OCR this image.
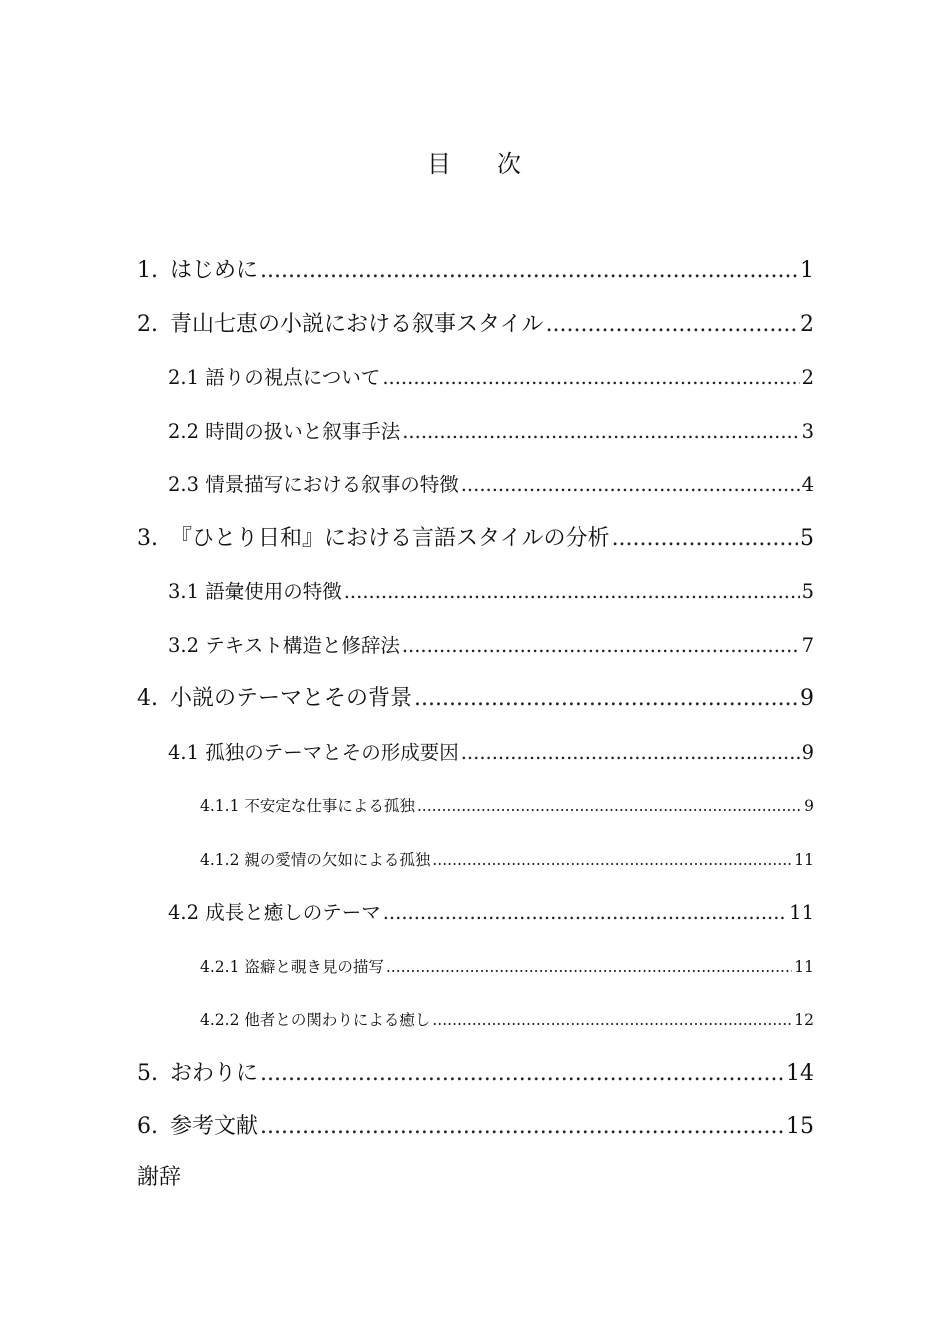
目 次
1. はじめに .....	1
2. 青山七恵の小説における叙事スタイル .....	2
2.1 語りの視点について .....	2
2.2 時間の扱いと叙事手法 .....	3
2.3 情景描写における叙事の特徴 .....	4
3. 『ひとり日和』における言語スタイルの分析 .....	5
3.1 語彙使用の特徴 .....	5
3.2 テキスト構造と修辞法 .....	7
4. 小説のテーマとその背景 .....	9
4.1 孤独のテーマとその形成要因 .....	9
4.1.1 不安定な仕事による孤独 .....	9
4.1.2 親の愛情の欠如による孤独 .....	11
4.2 成長と癒しのテーマ .....	11
4.2.1 盗癖と覗き見の描写 .....	11
4.2.2 他者との関わりによる癒し .....	12
5. おわりに .....	14
6. 参考文献 .....	15
謝辞
